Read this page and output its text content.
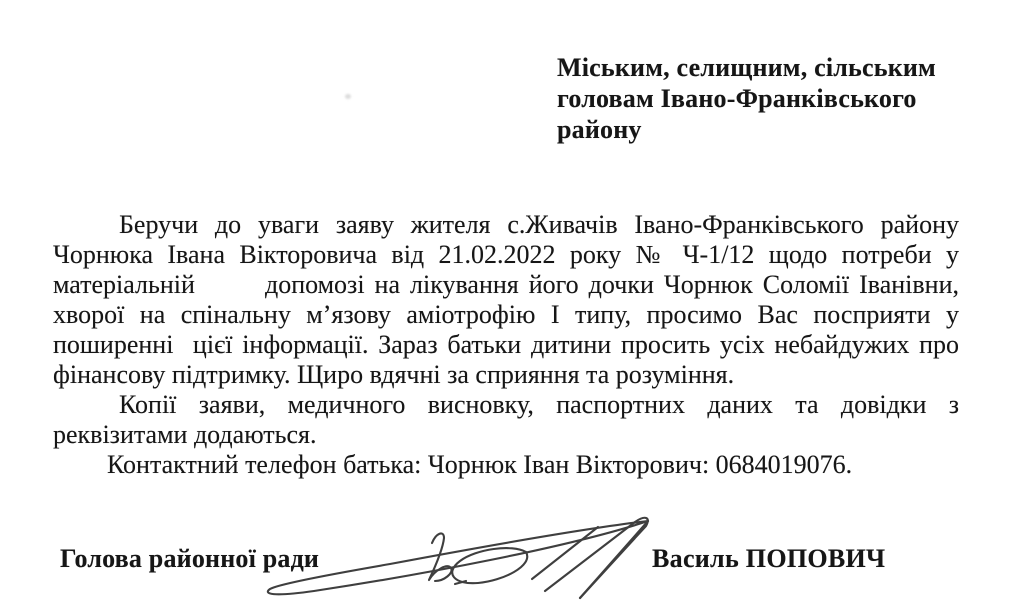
Міським, селищним, сільським
головам Івано-Франківського
району
Беручи до уваги заяву жителя с.Живачів Івано-Франківського району
Чорнюка Івана Вікторовича від 21.02.2022 року № Ч-1/12 щодо потреби у
матеріальній       допомозі на лікування його дочки Чорнюк Соломії Іванівни,
хворої на спінальну м’язову аміотрофію І типу, просимо Вас посприяти у
поширенні  цієї інформації. Зараз батьки дитини просить усіх небайдужих про
фінансову підтримку. Щиро вдячні за сприяння та розуміння.
Копії заяви, медичного висновку, паспортних даних та довідки з
реквізитами додаються.
Контактний телефон батька: Чорнюк Іван Вікторович: 0684019076.
Голова районної ради	Василь ПОПОВИЧ
